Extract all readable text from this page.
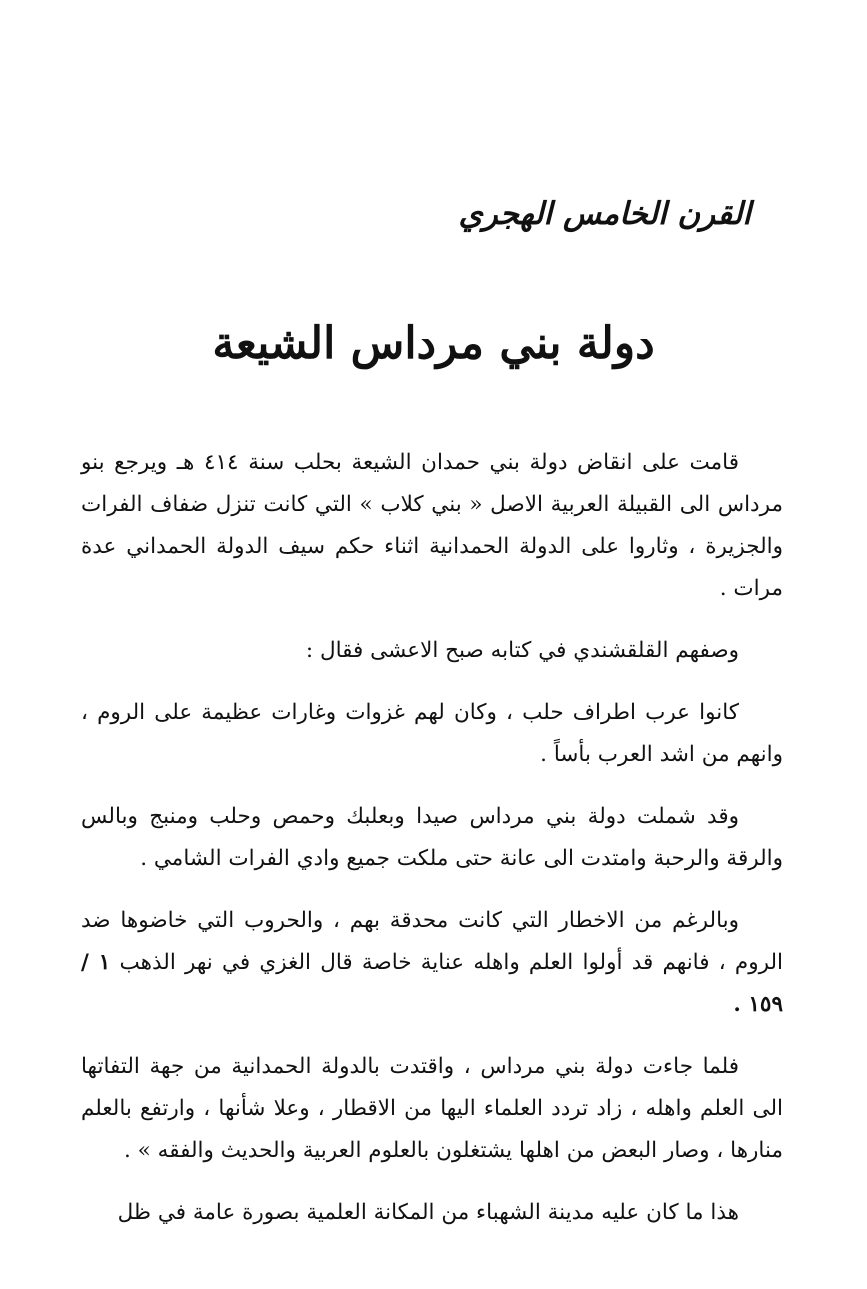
القرن الخامس الهجري
دولة بني مرداس الشيعة

قامت على انقاض دولة بني حمدان الشيعة بحلب سنة ٤١٤ هـ ويرجع بنو مرداس الى القبيلة العربية الاصل « بني كلاب » التي كانت تنزل ضفاف الفرات والجزيرة ، وثاروا على الدولة الحمدانية اثناء حكم سيف الدولة الحمداني عدة مرات .

وصفهم القلقشندي في كتابه صبح الاعشى فقال :

كانوا عرب اطراف حلب ، وكان لهم غزوات وغارات عظيمة على الروم ، وانهم من اشد العرب بأساً .

وقد شملت دولة بني مرداس صيدا وبعلبك وحمص وحلب ومنبج وبالس والرقة والرحبة وامتدت الى عانة حتى ملكت جميع وادي الفرات الشامي .

وبالرغم من الاخطار التي كانت محدقة بهم ، والحروب التي خاضوها ضد الروم ، فانهم قد أولوا العلم واهله عناية خاصة قال الغزي في نهر الذهب ١ / ١٥٩ .

فلما جاءت دولة بني مرداس ، واقتدت بالدولة الحمدانية من جهة التفاتها الى العلم واهله ، زاد تردد العلماء اليها من الاقطار ، وعلا شأنها ، وارتفع بالعلم منارها ، وصار البعض من اهلها يشتغلون بالعلوم العربية والحديث والفقه » .

هذا ما كان عليه مدينة الشهباء من المكانة العلمية بصورة عامة في ظل
